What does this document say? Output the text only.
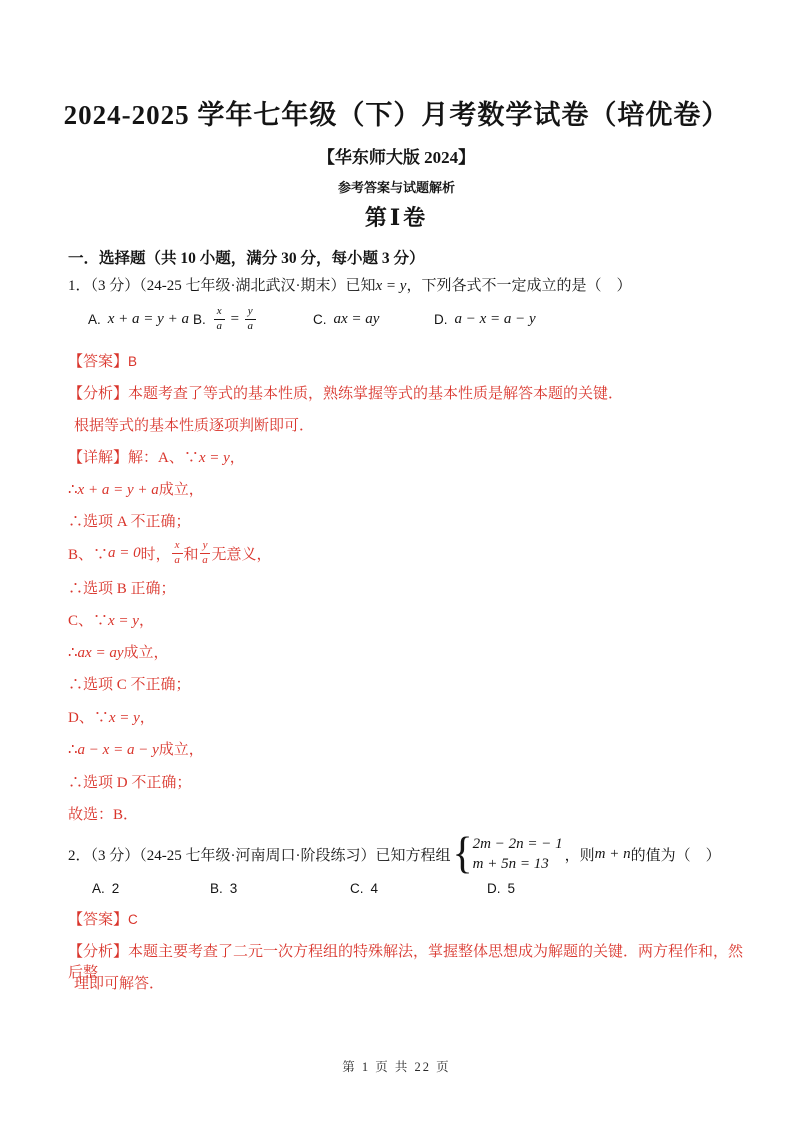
2024-2025 学年七年级（下）月考数学试卷（培优卷）
【华东师大版 2024】
参考答案与试题解析
第Ⅰ卷
一．选择题（共 10 小题，满分 30 分，每小题 3 分）
1．（3 分）（24-25 七年级·湖北武汉·期末）已知x = y，下列各式不一定成立的是（　）
A. x + a = y + a B. $\frac{x}{a} = \frac{y}{a}$	C. ax = ay	D. a − x = a − y
【答案】B
【分析】本题考查了等式的基本性质，熟练掌握等式的基本性质是解答本题的关键．
根据等式的基本性质逐项判断即可．
【详解】解：A、∵x = y，
∴x + a = y + a成立，
∴选项 A 不正确；
B、∵ a = 0 时， $\frac{x}{a}$ 和 $\frac{y}{a}$ 无意义，
∴选项 B 正确；
C、∵x = y，
∴ax = ay成立，
∴选项 C 不正确；
D、∵x = y，
∴a − x = a − y成立，
∴选项 D 不正确；
故选：B．
2．（3 分）（24-25 七年级·河南周口·阶段练习）已知方程组 { 2m − 2n = − 1
m + 5n = 13
，则 m + n 的值为（　）
A. 2	B. 3	C. 4	D. 5
【答案】C
【分析】本题主要考查了二元一次方程组的特殊解法，掌握整体思想成为解题的关键．两方程作和，然后整
理即可解答．
第 1 页 共 22 页
